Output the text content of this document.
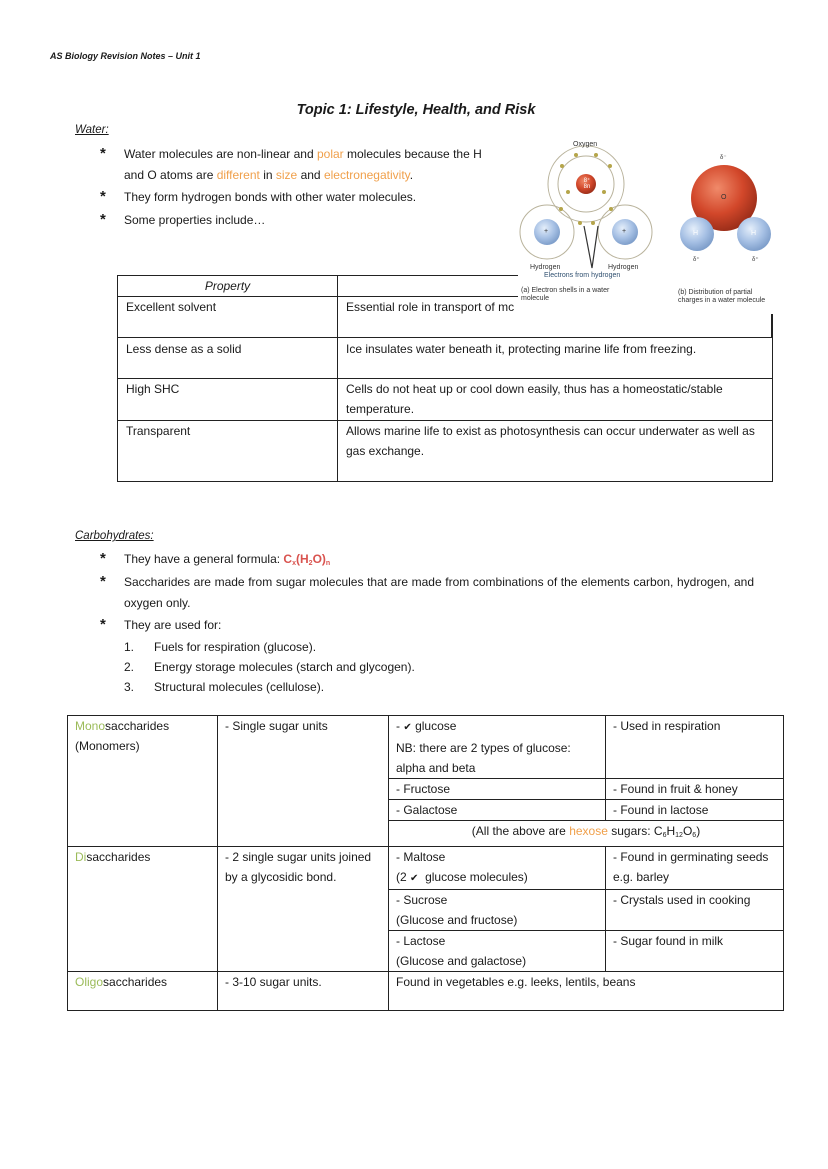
AS Biology Revision Notes – Unit 1
Topic 1: Lifestyle, Health, and Risk
Water:
*	Water molecules are non-linear and polar molecules because the H
and O atoms are different in size and electronegativity.
*	They form hydrogen bonds with other water molecules.
*	Some properties include…
Property	
Excellent solvent	Essential role in transport of mc
Less dense as a solid	Ice insulates water beneath it, protecting marine life from freezing.
High SHC	Cells do not heat up or cool down easily, thus has a homeostatic/stable temperature.
Transparent	Allows marine life to exist as photosynthesis can occur underwater as well as gas exchange.
Oxygen
8⁺
8n
+	+
Hydrogen	Hydrogen
Electrons from hydrogen
(a) Electron shells in a water molecule
δ⁻
O
H	H
δ⁺	δ⁺
(b) Distribution of partial charges in a water molecule
Carbohydrates:
*	They have a general formula: $C_x(H_2O)_n$
*	Saccharides are made from sugar molecules that are made from combinations of the elements carbon, hydrogen, and oxygen only.
*	They are used for:
1. Fuels for respiration (glucose).
2. Energy storage molecules (starch and glycogen).
3. Structural molecules (cellulose).
Monosaccharides
(Monomers)	- Single sugar units	- ✔ glucose
NB: there are 2 types of glucose:
alpha and beta	- Used in respiration
		- Fructose	- Found in fruit & honey
		- Galactose	- Found in lactose
		(All the above are hexose sugars: $C_6H_{12}O_6$)	
Disaccharides	- 2 single sugar units joined by a glycosidic bond.	- Maltose
(2 ✔  glucose molecules)	- Found in germinating seeds e.g. barley
		- Sucrose
(Glucose and fructose)	- Crystals used in cooking
		- Lactose
(Glucose and galactose)	- Sugar found in milk
Oligosaccharides	- 3-10 sugar units.	Found in vegetables e.g. leeks, lentils, beans	
